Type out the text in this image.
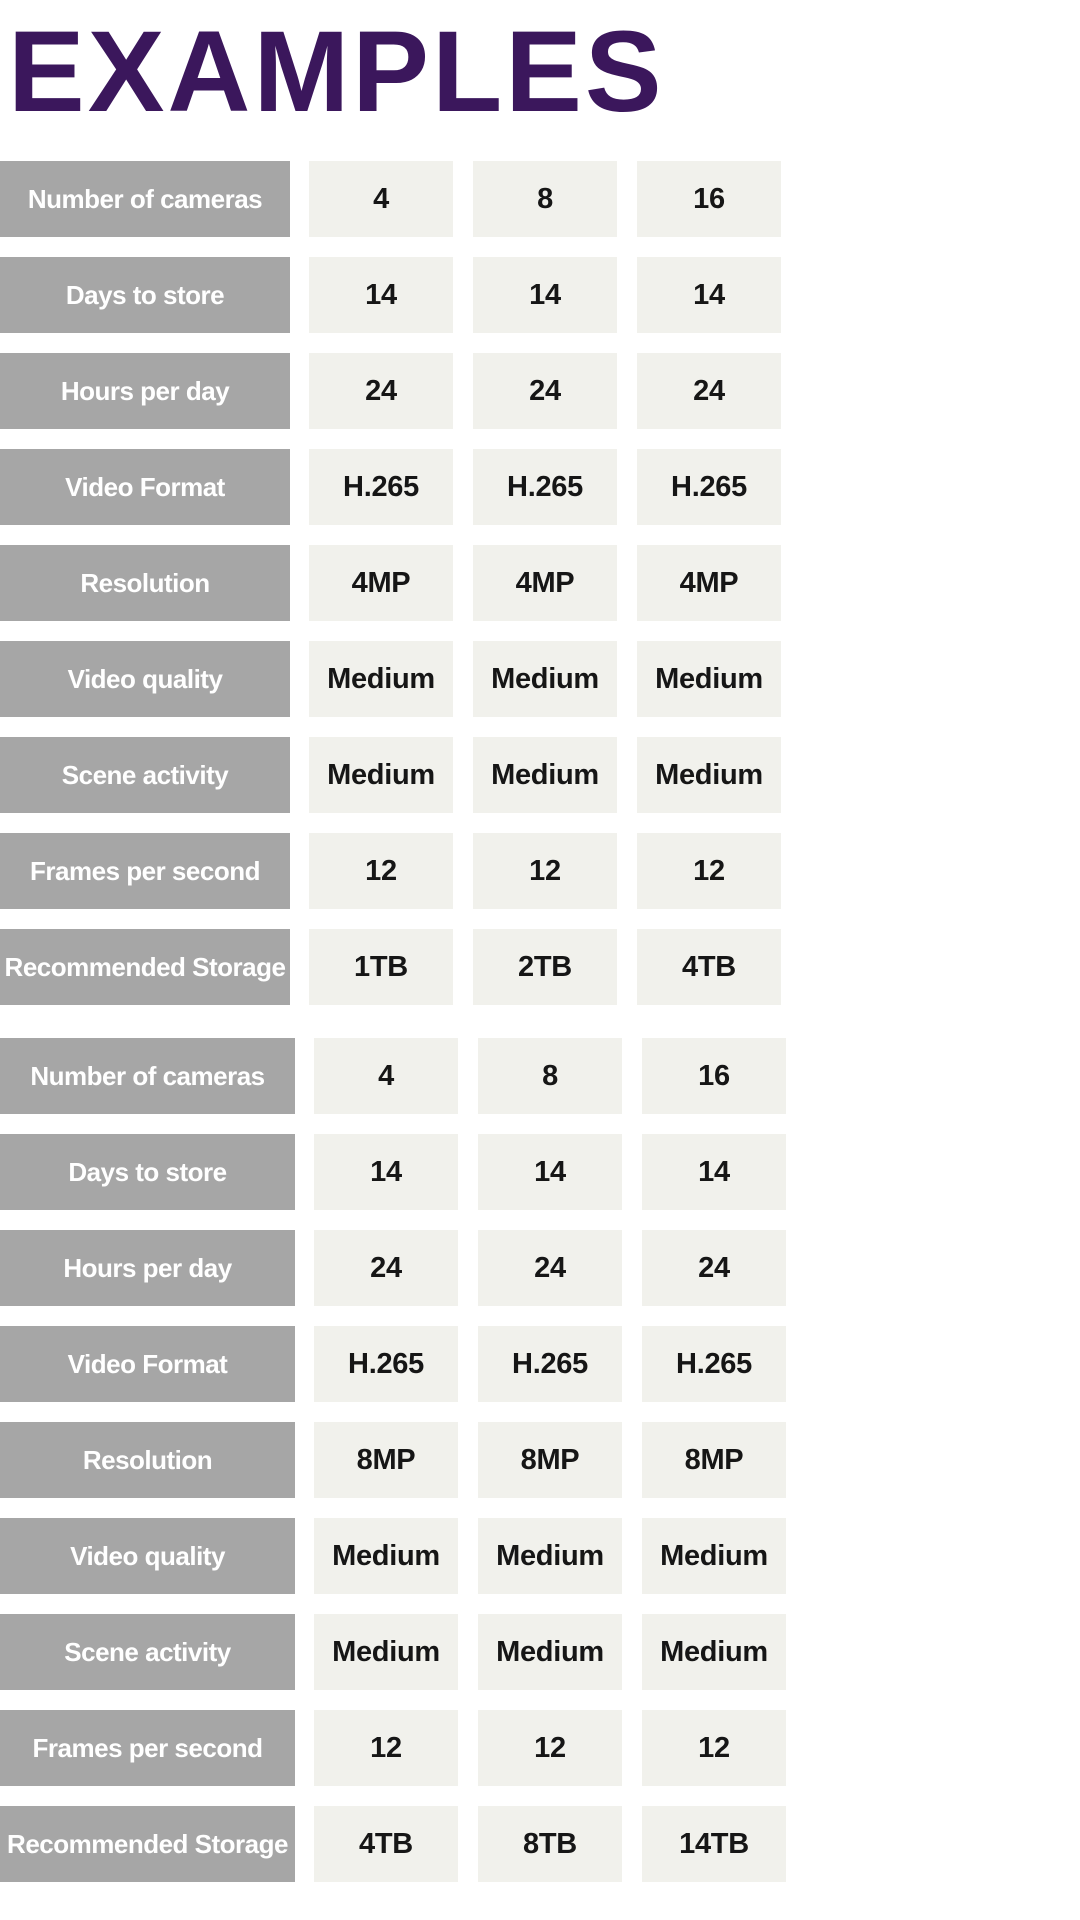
EXAMPLES
Number of cameras	4	8	16
Days to store	14	14	14
Hours per day	24	24	24
Video Format	H.265	H.265	H.265
Resolution	4MP	4MP	4MP
Video quality	Medium	Medium	Medium
Scene activity	Medium	Medium	Medium
Frames per second	12	12	12
Recommended Storage	1TB	2TB	4TB
Number of cameras	4	8	16
Days to store	14	14	14
Hours per day	24	24	24
Video Format	H.265	H.265	H.265
Resolution	8MP	8MP	8MP
Video quality	Medium	Medium	Medium
Scene activity	Medium	Medium	Medium
Frames per second	12	12	12
Recommended Storage	4TB	8TB	14TB
